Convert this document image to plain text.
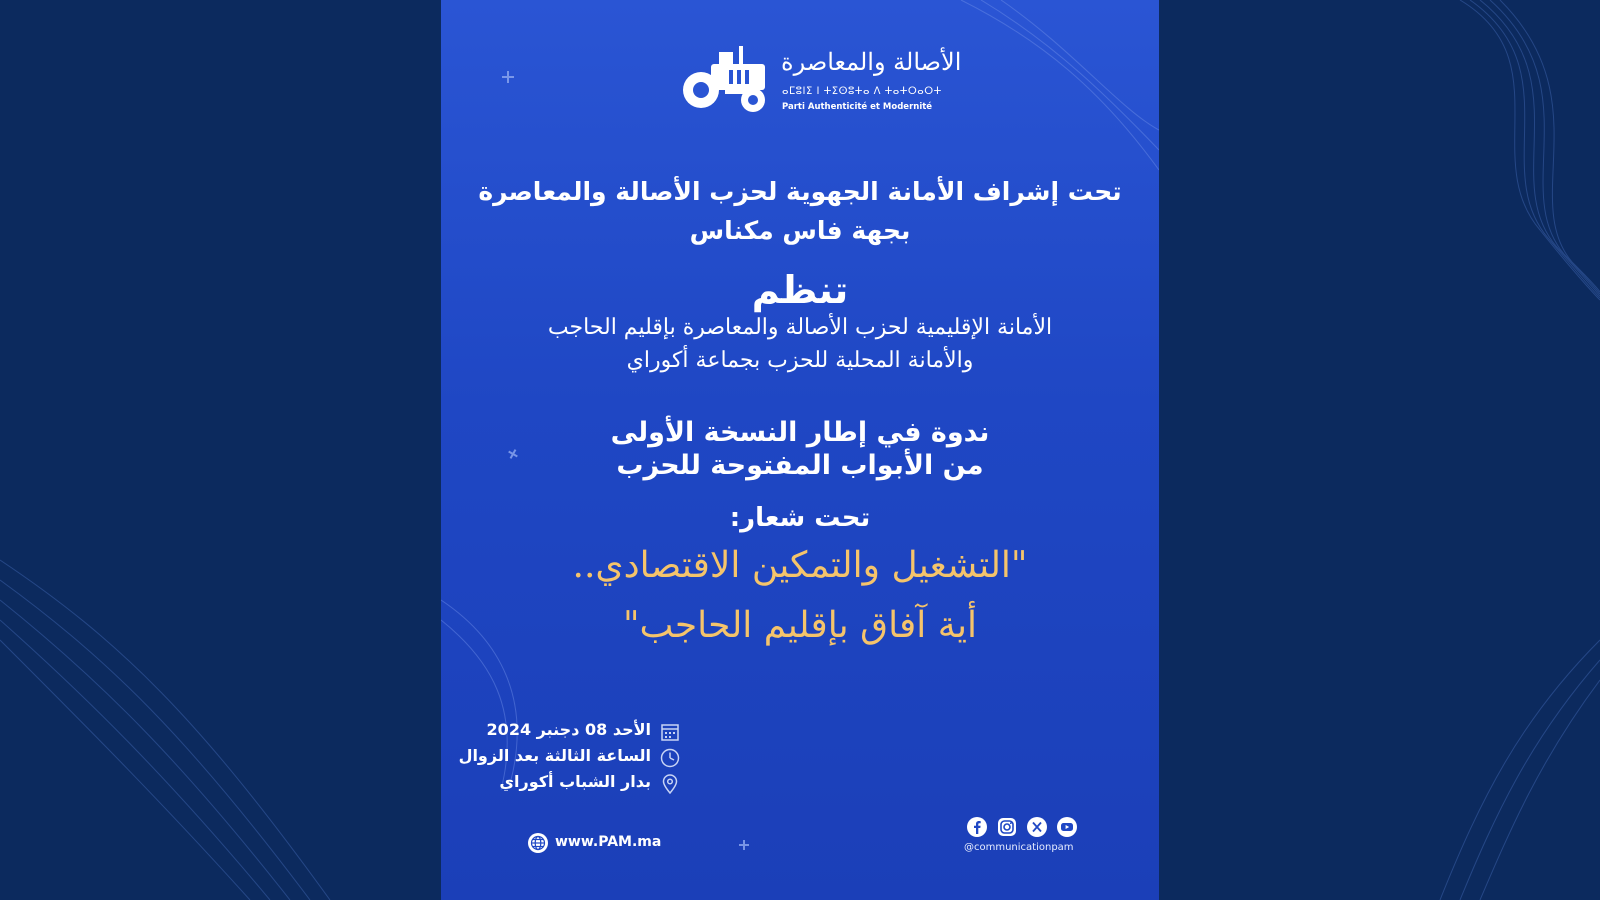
الأصالة والمعاصرة
ⴰⵎⵓⵏⵉ ⵏ ⵜⵉⵙⵓⵜⴰ ⴷ ⵜⴰⵜⵔⴰⵔⵜ
Parti Authenticité et Modernité
تحت إشراف الأمانة الجهوية لحزب الأصالة والمعاصرة
بجهة فاس مكناس
تنظم
الأمانة الإقليمية لحزب الأصالة والمعاصرة بإقليم الحاجب
والأمانة المحلية للحزب بجماعة أكوراي
ندوة في إطار النسخة الأولى
من الأبواب المفتوحة للحزب
تحت شعار:
"التشغيل والتمكين الاقتصادي..
أية آفاق بإقليم الحاجب"
الأحد 08 دجنبر 2024
الساعة الثالثة بعد الزوال
بدار الشباب أكوراي
www.PAM.ma	@communicationpam
